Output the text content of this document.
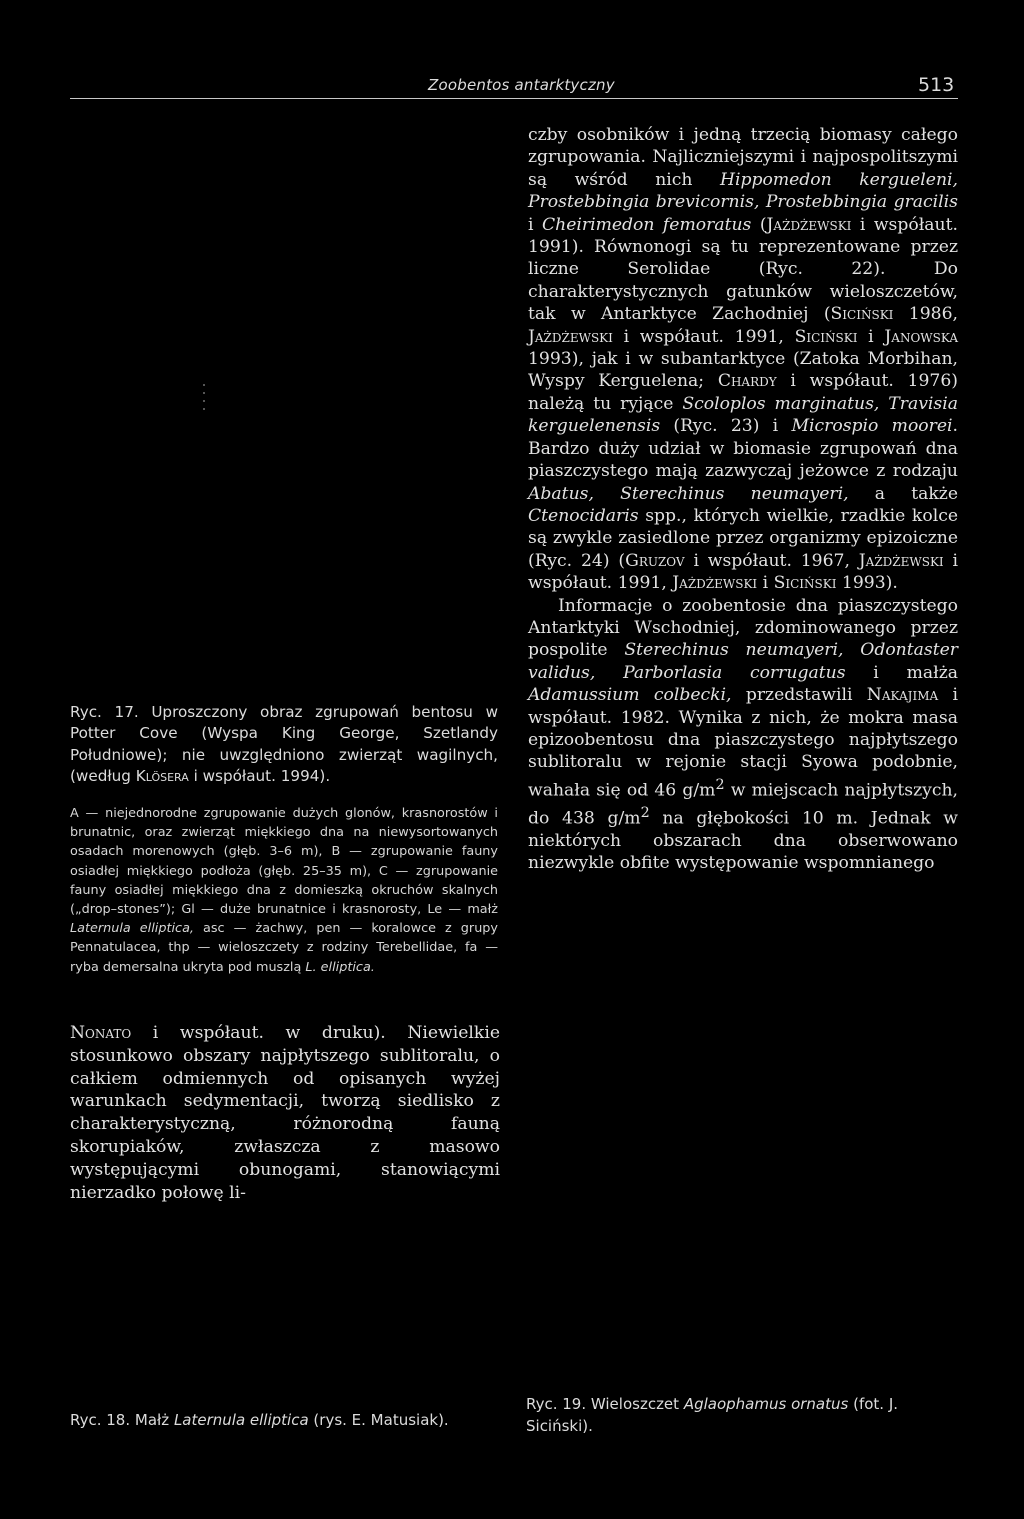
Zoobentos antarktyczny	513

czby osobników i jedną trzecią biomasy całego zgrupowania. Najliczniejszymi i najpospolitszymi są wśród nich Hippomedon kergueleni, Prostebbingia brevicornis, Prostebbingia gracilis i Cheirimedon femoratus (Jażdżewski i współaut. 1991). Równonogi są tu reprezentowane przez liczne Serolidae (Ryc. 22). Do charakterystycznych gatunków wieloszczetów, tak w Antarktyce Zachodniej (Siciński 1986, Jażdżewski i współaut. 1991, Siciński i Janowska 1993), jak i w subantarktyce (Zatoka Morbihan, Wyspy Kerguelena; Chardy i współaut. 1976) należą tu ryjące Scoloplos marginatus, Travisia kerguelenensis (Ryc. 23) i Microspio moorei. Bardzo duży udział w biomasie zgrupowań dna piaszczystego mają zazwyczaj jeżowce z rodzaju Abatus, Sterechinus neumayeri, a także Ctenocidaris spp., których wielkie, rzadkie kolce są zwykle zasiedlone przez organizmy epizoiczne (Ryc. 24) (Gruzov i współaut. 1967, Jażdżewski i współaut. 1991, Jażdżewski i Siciński 1993).

Informacje o zoobentosie dna piaszczystego Antarktyki Wschodniej, zdominowanego przez pospolite Sterechinus neumayeri, Odontaster validus, Parborlasia corrugatus i małża Adamussium colbecki, przedstawili Nakajima i współaut. 1982. Wynika z nich, że mokra masa epizoobentosu dna piaszczystego najpłytszego sublitoralu w rejonie stacji Syowa podobnie, wahała się od 46 $g/m^2$ w miejscach najpłytszych, do 438 $g/m^2$ na głębokości 10 m. Jednak w niektórych obszarach dna obserwowano niezwykle obfite występowanie wspomnianego

Ryc. 17. Uproszczony obraz zgrupowań bentosu w Potter Cove (Wyspa King George, Szetlandy Południowe); nie uwzględniono zwierząt wagilnych, (według Klösera i współaut. 1994).
A — niejednorodne zgrupowanie dużych glonów, krasnorostów i brunatnic, oraz zwierząt miękkiego dna na niewysortowanych osadach morenowych (głęb. 3–6 m), B — zgrupowanie fauny osiadłej miękkiego podłoża (głęb. 25–35 m), C — zgrupowanie fauny osiadłej miękkiego dna z domieszką okruchów skalnych („drop–stones”); Gl — duże brunatnice i krasnorosty, Le — małż Laternula elliptica, asc — żachwy, pen — koralowce z grupy Pennatulacea, thp — wieloszczety z rodziny Terebellidae, fa — ryba demersalna ukryta pod muszlą L. elliptica.

Nonato i współaut. w druku). Niewielkie stosunkowo obszary najpłytszego sublitoralu, o całkiem odmiennych od opisanych wyżej warunkach sedymentacji, tworzą siedlisko z charakterystyczną, różnorodną fauną skorupiaków, zwłaszcza z masowo występującymi obunogami, stanowiącymi nierzadko połowę li-

Ryc. 18. Małż Laternula elliptica (rys. E. Matusiak).
Ryc. 19. Wieloszczet Aglaophamus ornatus (fot. J. Siciński).
